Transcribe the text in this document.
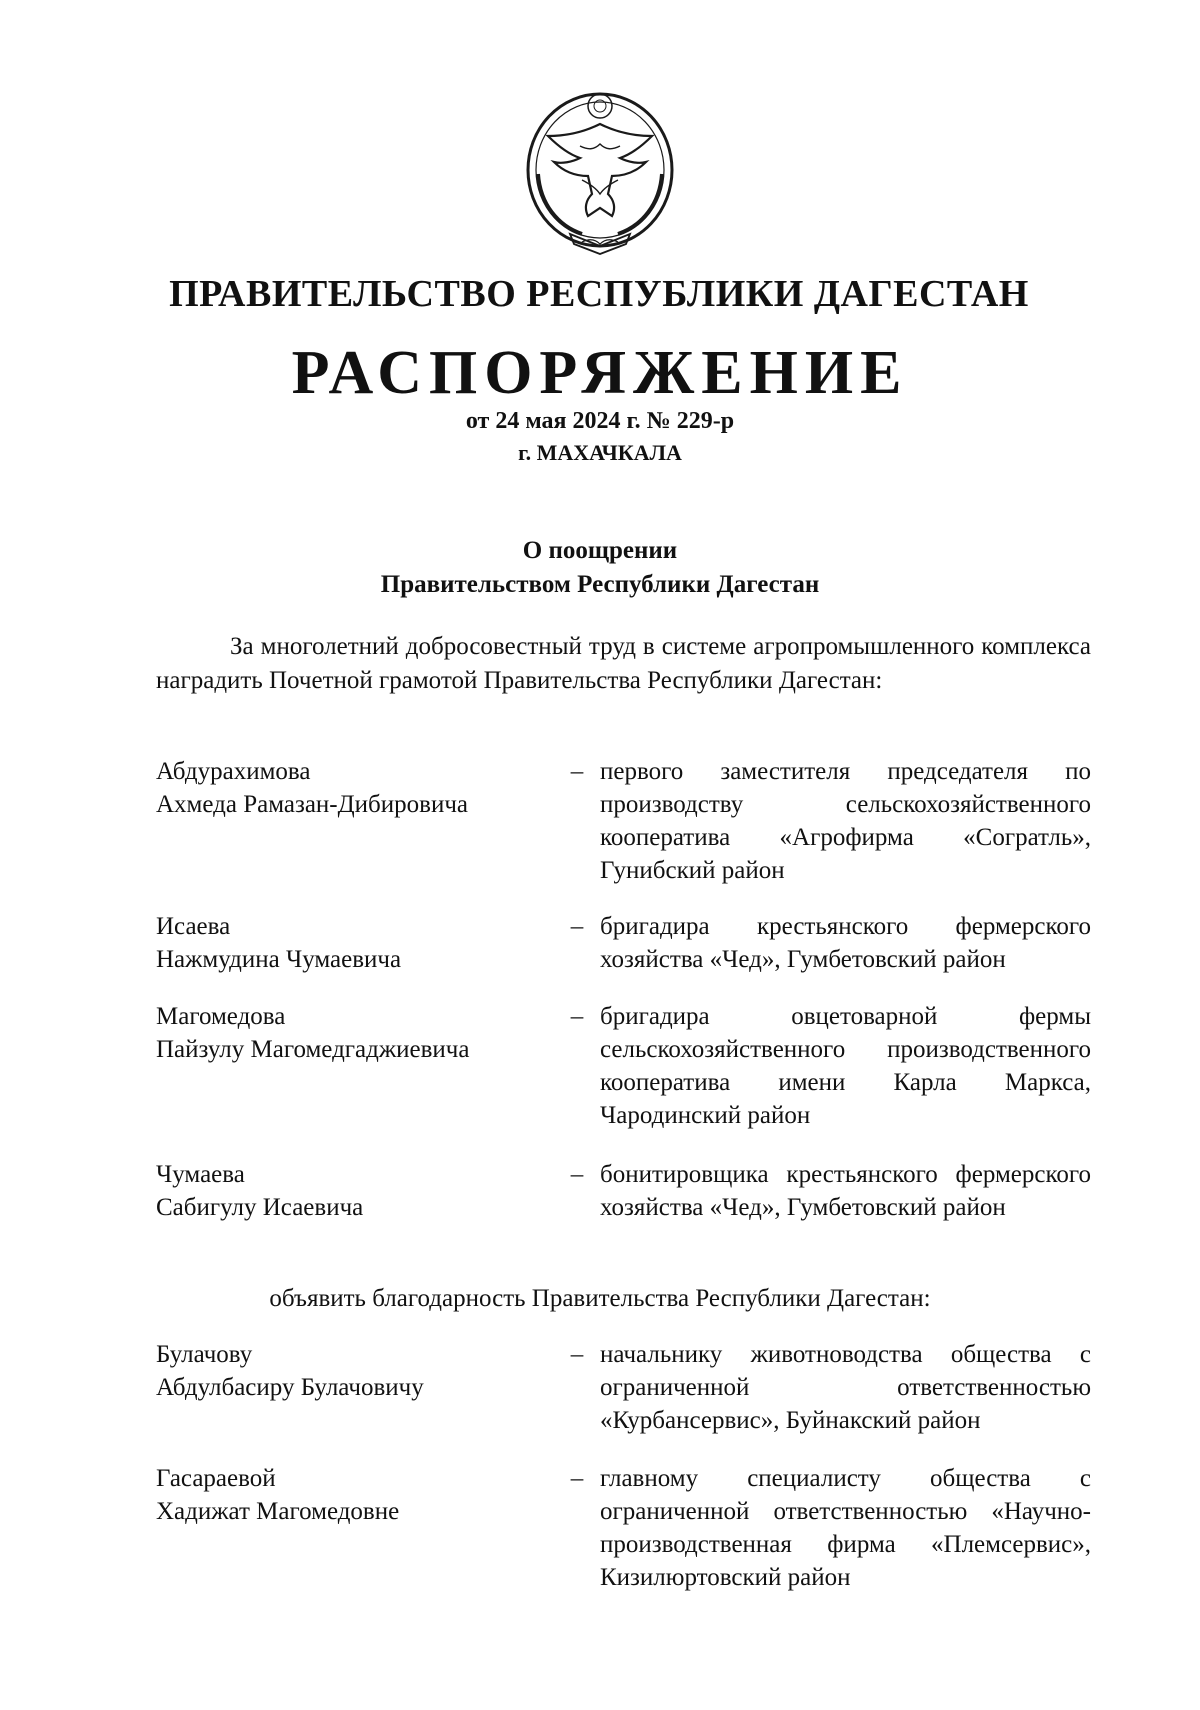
ПРАВИТЕЛЬСТВО РЕСПУБЛИКИ ДАГЕСТАН
РАСПОРЯЖЕНИЕ
от 24 мая 2024 г. № 229-р
г. МАХАЧКАЛА
О поощрении
Правительством Республики Дагестан
За многолетний добросовестный труд в системе агропромышленного комплекса наградить Почетной грамотой Правительства Республики Дагестан:
Абдурахимова
Ахмеда Рамазан-Дибировича
– первого заместителя председателя по производству сельскохозяйственного кооператива «Агрофирма «Согратль», Гунибский район
Исаева
Нажмудина Чумаевича
– бригадира крестьянского фермерского хозяйства «Чед», Гумбетовский район
Магомедова
Пайзулу Магомедгаджиевича
– бригадира овцетоварной фермы сельскохозяйственного производственного кооператива имени Карла Маркса, Чародинский район
Чумаева
Сабигулу Исаевича
– бонитировщика крестьянского фермерского хозяйства «Чед», Гумбетовский район
объявить благодарность Правительства Республики Дагестан:
Булачову
Абдулбасиру Булачовичу
– начальнику животноводства общества с ограниченной ответственностью «Курбансервис», Буйнакский район
Гасараевой
Хадижат Магомедовне
– главному специалисту общества с ограниченной ответственностью «Научно-производственная фирма «Племсервис», Кизилюртовский район
